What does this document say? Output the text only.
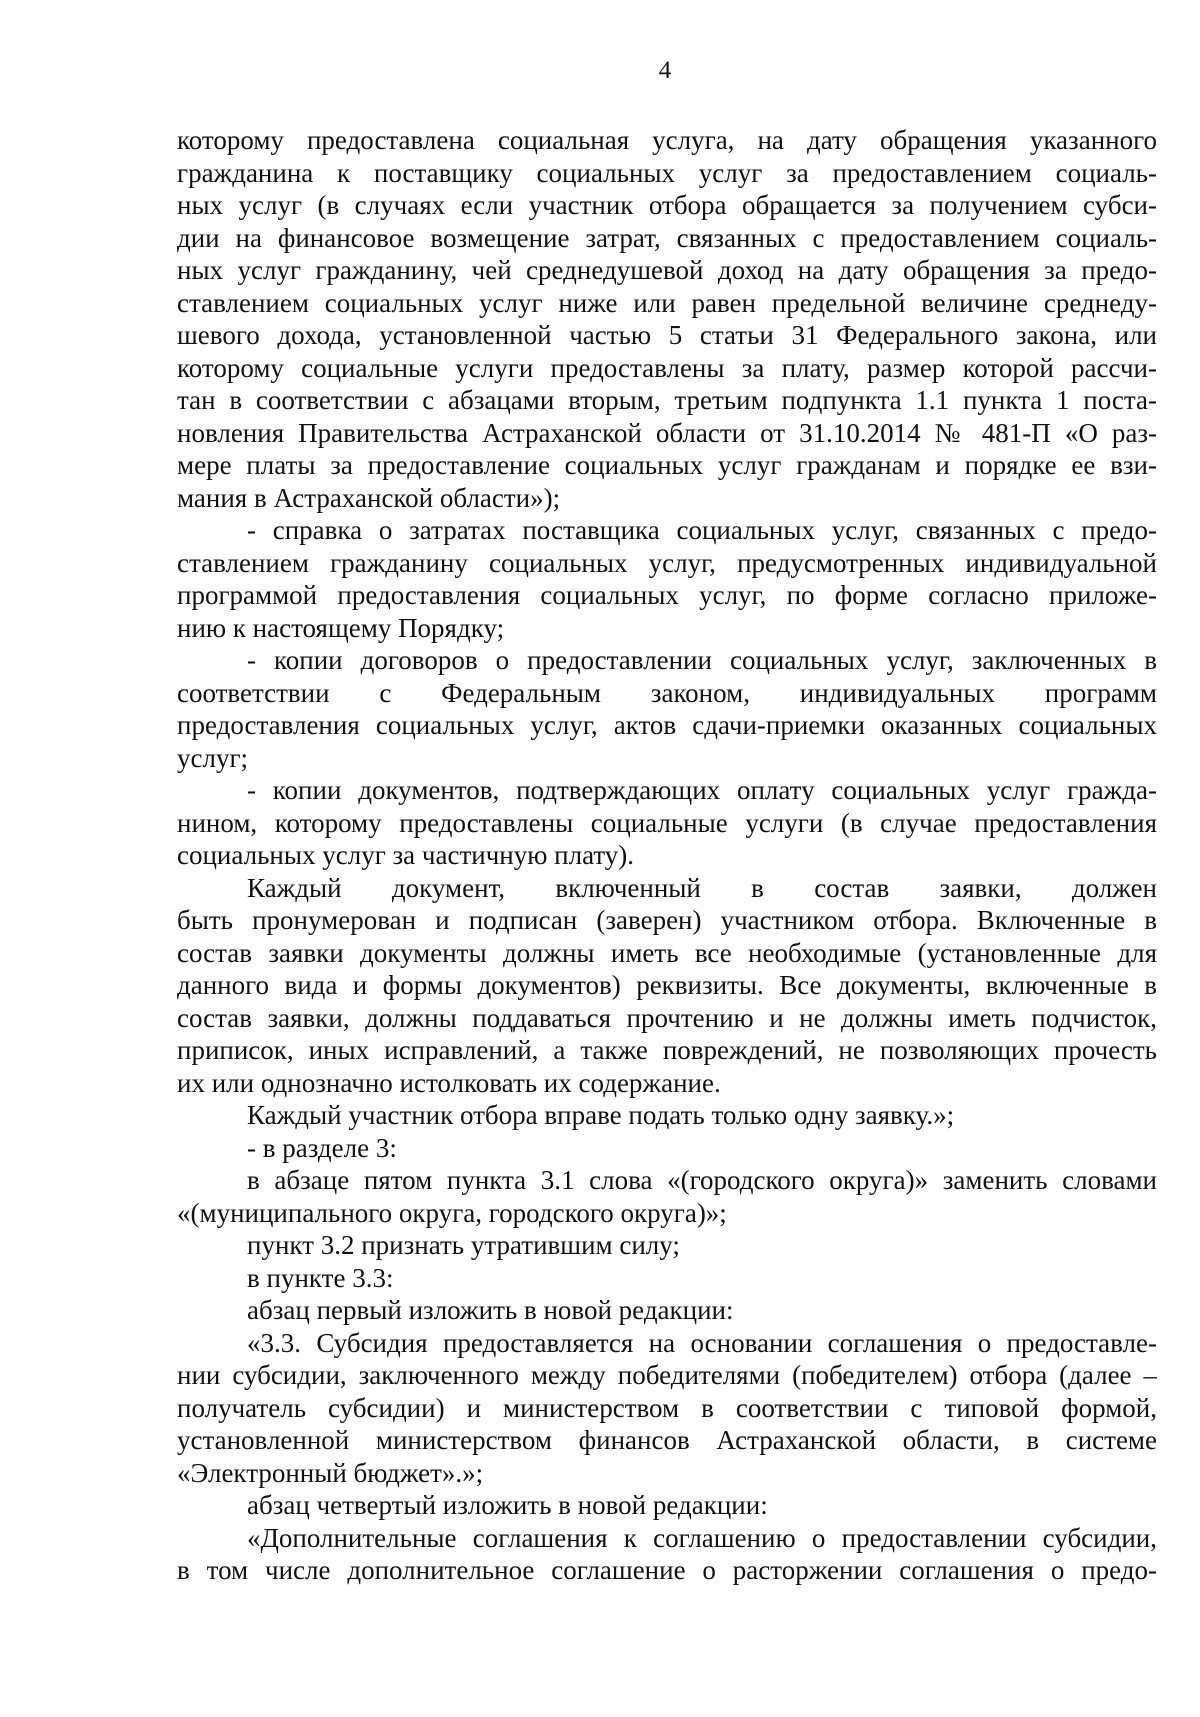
4
которому предоставлена социальная услуга, на дату обращения указанного
гражданина к поставщику социальных услуг за предоставлением социаль-
ных услуг (в случаях если участник отбора обращается за получением субси-
дии на финансовое возмещение затрат, связанных с предоставлением социаль-
ных услуг гражданину, чей среднедушевой доход на дату обращения за предо-
ставлением социальных услуг ниже или равен предельной величине среднеду-
шевого дохода, установленной частью 5 статьи 31 Федерального закона, или
которому социальные услуги предоставлены за плату, размер которой рассчи-
тан в соответствии с абзацами вторым, третьим подпункта 1.1 пункта 1 поста-
новления Правительства Астраханской области от 31.10.2014 № 481-П «О раз-
мере платы за предоставление социальных услуг гражданам и порядке ее взи-
мания в Астраханской области»);
- справка о затратах поставщика социальных услуг, связанных с предо-
ставлением гражданину социальных услуг, предусмотренных индивидуальной
программой предоставления социальных услуг, по форме согласно приложе-
нию к настоящему Порядку;
- копии договоров о предоставлении социальных услуг, заключенных в
соответствии с Федеральным законом, индивидуальных программ
предоставления социальных услуг, актов сдачи-приемки оказанных социальных
услуг;
- копии документов, подтверждающих оплату социальных услуг гражда-
нином, которому предоставлены социальные услуги (в случае предоставления
социальных услуг за частичную плату).
Каждый документ, включенный в состав заявки, должен
быть пронумерован и подписан (заверен) участником отбора. Включенные в
состав заявки документы должны иметь все необходимые (установленные для
данного вида и формы документов) реквизиты. Все документы, включенные в
состав заявки, должны поддаваться прочтению и не должны иметь подчисток,
приписок, иных исправлений, а также повреждений, не позволяющих прочесть
их или однозначно истолковать их содержание.
Каждый участник отбора вправе подать только одну заявку.»;
- в разделе 3:
в абзаце пятом пункта 3.1 слова «(городского округа)» заменить словами
«(муниципального округа, городского округа)»;
пункт 3.2 признать утратившим силу;
в пункте 3.3:
абзац первый изложить в новой редакции:
«3.3. Субсидия предоставляется на основании соглашения о предоставле-
нии субсидии, заключенного между победителями (победителем) отбора (далее –
получатель субсидии) и министерством в соответствии с типовой формой,
установленной министерством финансов Астраханской области, в системе
«Электронный бюджет».»;
абзац четвертый изложить в новой редакции:
«Дополнительные соглашения к соглашению о предоставлении субсидии,
в том числе дополнительное соглашение о расторжении соглашения о предо-
